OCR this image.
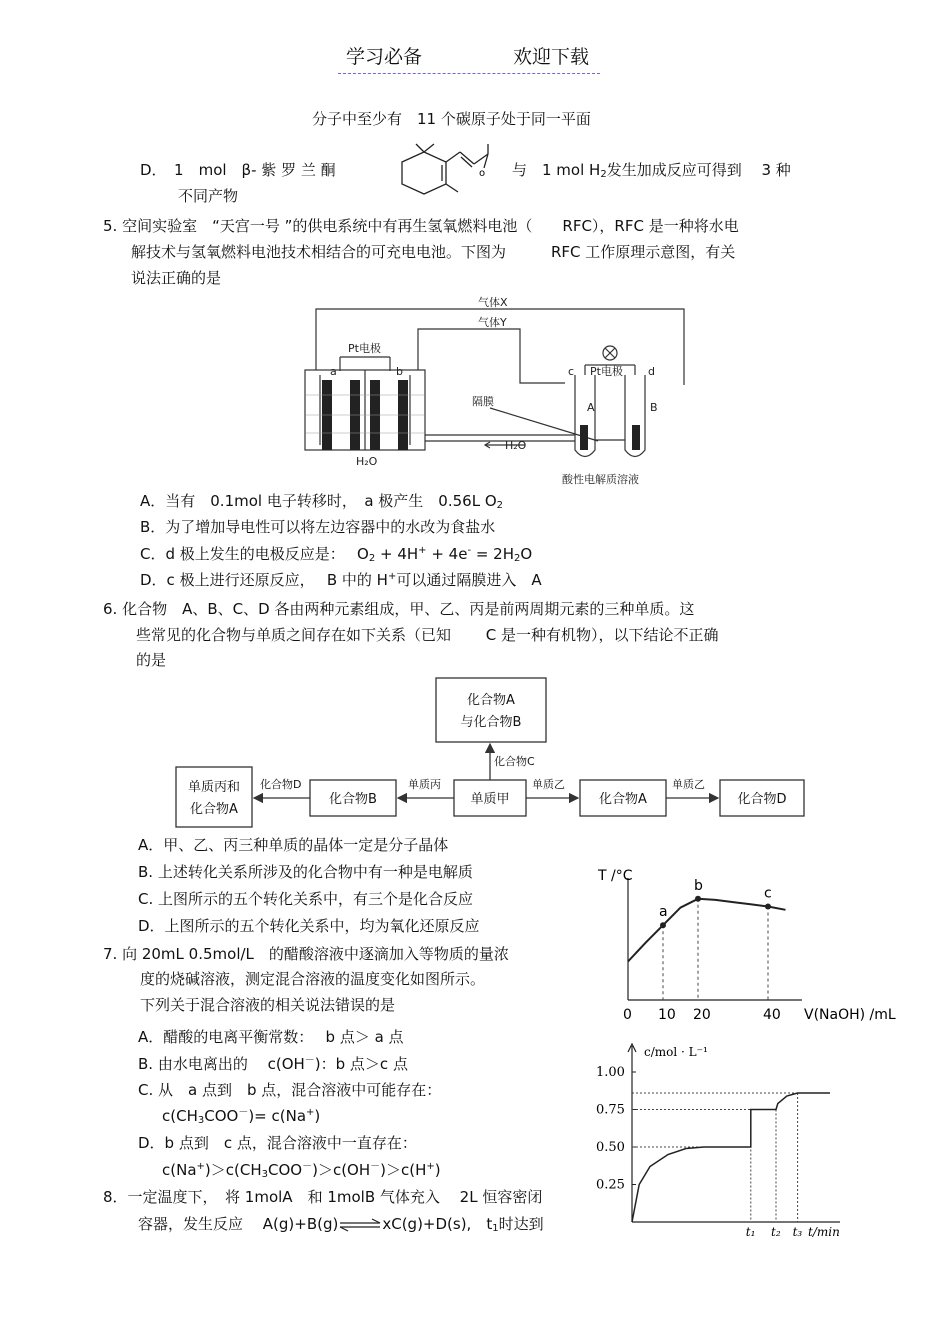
学习必备	欢迎下载
分子中至少有　11 个碳原子处于同一平面
D．　1　mol　β- 紫 罗 兰 酮	o 与　1 mol $H_2$发生加成反应可得到　 3 种
不同产物
5. 空间实验室　“天宫一号 ”的供电系统中有再生氢氧燃料电池（　　RFC），RFC 是一种将水电
解技术与氢氧燃料电池技术相结合的可充电电池。下图为　　　RFC 工作原理示意图，有关
说法正确的是
气体X
气体Y
Pt电极
Pt电极
a	b	c	d
隔膜
H₂O
H₂O
A	B
酸性电解质溶液
A．当有　0.1mol 电子转移时，　a 极产生　0.56L $O_2$
B．为了增加导电性可以将左边容器中的水改为食盐水
C．d 极上发生的电极反应是：　 $O_2 + 4H^+ + 4e^- = 2H_2O$
D．c 极上进行还原反应，　 B 中的 H+可以通过隔膜进入　A
6. 化合物　A、B、C、D 各由两种元素组成，甲、乙、丙是前两周期元素的三种单质。这
些常见的化合物与单质之间存在如下关系（已知　　 C 是一种有机物），以下结论不正确
的是
化合物A
与化合物B
单质丙和
化合物A
化合物B	单质甲	化合物A	化合物D
化合物C
化合物D	单质丙	单质乙	单质乙
A．甲、乙、丙三种单质的晶体一定是分子晶体
B. 上述转化关系所涉及的化合物中有一种是电解质
C. 上图所示的五个转化关系中，有三个是化合反应
D．上图所示的五个转化关系中，均为氧化还原反应
7. 向 20mL 0.5mol/L　的醋酸溶液中逐滴加入等物质的量浓
度的烧碱溶液，测定混合溶液的温度变化如图所示。
下列关于混合溶液的相关说法错误的是
A．醋酸的电离平衡常数：　 b 点＞ a 点
B. 由水电离出的　 c(OH－)：b 点＞c 点
C. 从　a 点到　b 点，混合溶液中可能存在：
$c(CH_3COO^-)= c(Na^+)$
D．b 点到　c 点，混合溶液中一直存在：
$c(Na^+)>c(CH_3COO^-)>c(OH^-)>c(H^+)$
8．一定温度下，　将 1molA　和 1molB 气体充入　 2L 恒容密闭
容器，发生反应　 A(g)+B(g)⇌xC(g)+D(s),　$t_1$时达到
T /°C
V(NaOH) /mL
0 10 20	40
a
b	c
c/mol · L⁻¹
t/min
0.25
0.50
0.75
1.00
t₁ t₂ t₃
